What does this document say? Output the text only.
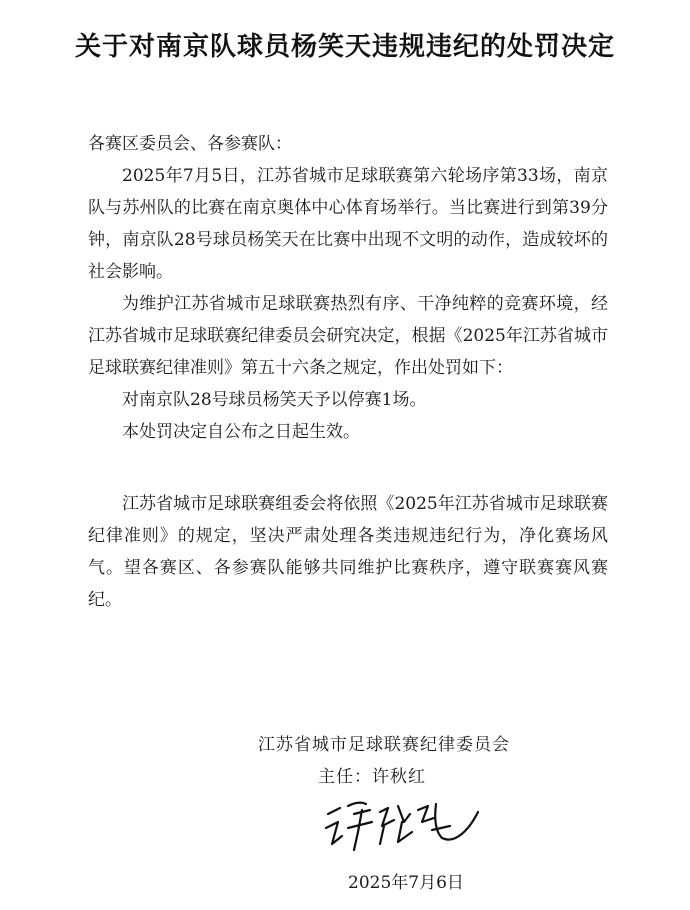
关于对南京队球员杨笑天违规违纪的处罚决定

各赛区委员会、各参赛队：

2025年7月5日，江苏省城市足球联赛第六轮场序第33场，南京队与苏州队的比赛在南京奥体中心体育场举行。当比赛进行到第39分钟，南京队28号球员杨笑天在比赛中出现不文明的动作，造成较坏的社会影响。

为维护江苏省城市足球联赛热烈有序、干净纯粹的竞赛环境，经江苏省城市足球联赛纪律委员会研究决定，根据《2025年江苏省城市足球联赛纪律准则》第五十六条之规定，作出处罚如下：

对南京队28号球员杨笑天予以停赛1场。

本处罚决定自公布之日起生效。

江苏省城市足球联赛组委会将依照《2025年江苏省城市足球联赛纪律准则》的规定，坚决严肃处理各类违规违纪行为，净化赛场风气。望各赛区、各参赛队能够共同维护比赛秩序，遵守联赛赛风赛纪。

江苏省城市足球联赛纪律委员会
主任：许秋红
2025年7月6日
